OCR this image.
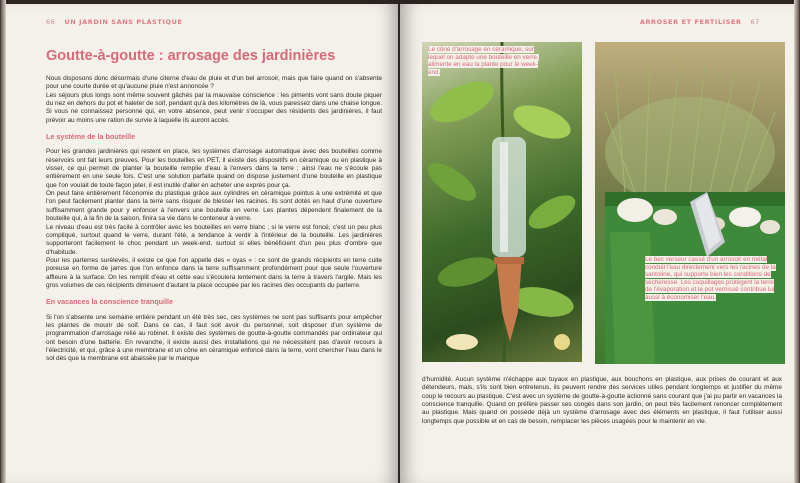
66 UN JARDIN SANS PLASTIQUE
Goutte-à-goutte : arrosage des jardinières

Nous disposons donc désormais d'une citerne d'eau de pluie et d'un bel arrosoir, mais que faire quand on s'absente pour une courte durée et qu'aucune pluie n'est annoncée ?

Les séjours plus longs sont même souvent gâchés par la mauvaise conscience : les piments vont sans doute piquer du nez en dehors du pot et haleter de soif, pendant qu'à des kilomètres de là, vous paressez dans une chaise longue. Si vous ne connaissez personne qui, en votre absence, peut venir s'occuper des résidents des jardinières, il faut prévoir au moins une ration de survie à laquelle ils auront accès.

Le système de la bouteille

Pour les grandes jardinières qui restent en place, les systèmes d'arrosage automatique avec des bouteilles comme réservoirs ont fait leurs preuves. Pour les bouteilles en PET, il existe des dispositifs en céramique ou en plastique à visser, ce qui permet de planter la bouteille remplie d'eau à l'envers dans la terre ; ainsi l'eau ne s'écoule pas entièrement en une seule fois. C'est une solution parfaite quand on dispose justement d'une bouteille en plastique que l'on voulait de toute façon jeter, il est inutile d'aller en acheter une exprès pour ça.

On peut faire entièrement l'économie du plastique grâce aux cylindres en céramique pointus à une extrémité et que l'on peut facilement planter dans la terre sans risquer de blesser les racines. Ils sont dotés en haut d'une ouverture suffisamment grande pour y enfoncer à l'envers une bouteille en verre. Les plantes dépendent finalement de la bouteille qui, à la fin de la saison, finira sa vie dans le conteneur à verre.

Le niveau d'eau est très facile à contrôler avec les bouteilles en verre blanc ; si le verre est foncé, c'est un peu plus compliqué, surtout quand le verre, durant l'été, a tendance à verdir à l'intérieur de la bouteille. Les jardinières supporteront facilement le choc pendant un week-end, surtout si elles bénéficient d'un peu plus d'ombre que d'habitude.

Pour les parterres surélevés, il existe ce que l'on appelle des « oyas » : ce sont de grands récipients en terre cuite poreuse en forme de jarres que l'on enfonce dans la terre suffisamment profondément pour que seule l'ouverture affleure à la surface. On les remplit d'eau et cette eau s'écoulera lentement dans la terre à travers l'argile. Mais les gros volumes de ces récipients diminuent d'autant la place occupée par les racines des occupants du parterre.

En vacances la conscience tranquille

Si l'on s'absente une semaine entière pendant un été très sec, ces systèmes ne sont pas suffisants pour empêcher les plantes de mourir de soif. Dans ce cas, il faut soit avoir du personnel, soit disposer d'un système de programmation d'arrosage relié au robinet. Il existe des systèmes de goutte-à-goutte commandés par ordinateur qui ont besoin d'une batterie. En revanche, il existe aussi des installations qui ne nécessitent pas d'avoir recours à l'électricité, et qui, grâce à une membrane et un cône en céramique enfoncé dans la terre, vont chercher l'eau dans le sol dès que la membrane est abaissée par le manque

ARROSER ET FERTILISER 67
Le cône d'arrosage en céramique, sur lequel on adapte une bouteille en verre, alimente en eau la plante pour le week-end.
Le bec verseur cassé d'un arrosoir en métal conduit l'eau directement vers les racines de la santoline, qui supporte bien les conditions de sécheresse. Les coquillages protègent la terre de l'évaporation et le pot vernissé contribue lui aussi à économiser l'eau.

d'humidité. Aucun système n'échappe aux tuyaux en plastique, aux bouchons en plastique, aux prises de courant et aux détendeurs, mais, s'ils sont bien entretenus, ils peuvent rendre des services utiles pendant longtemps et justifier du même coup le recours au plastique. C'est avec un système de goutte-à-goutte actionné sans courant que j'ai pu partir en vacances la conscience tranquille. Quand on préfère passer ses congés dans son jardin, on peut très facilement renoncer complètement au plastique. Mais quand on possède déjà un système d'arrosage avec des éléments en plastique, il faut l'utiliser aussi longtemps que possible et en cas de besoin, remplacer les pièces usagées pour le maintenir en vie.
